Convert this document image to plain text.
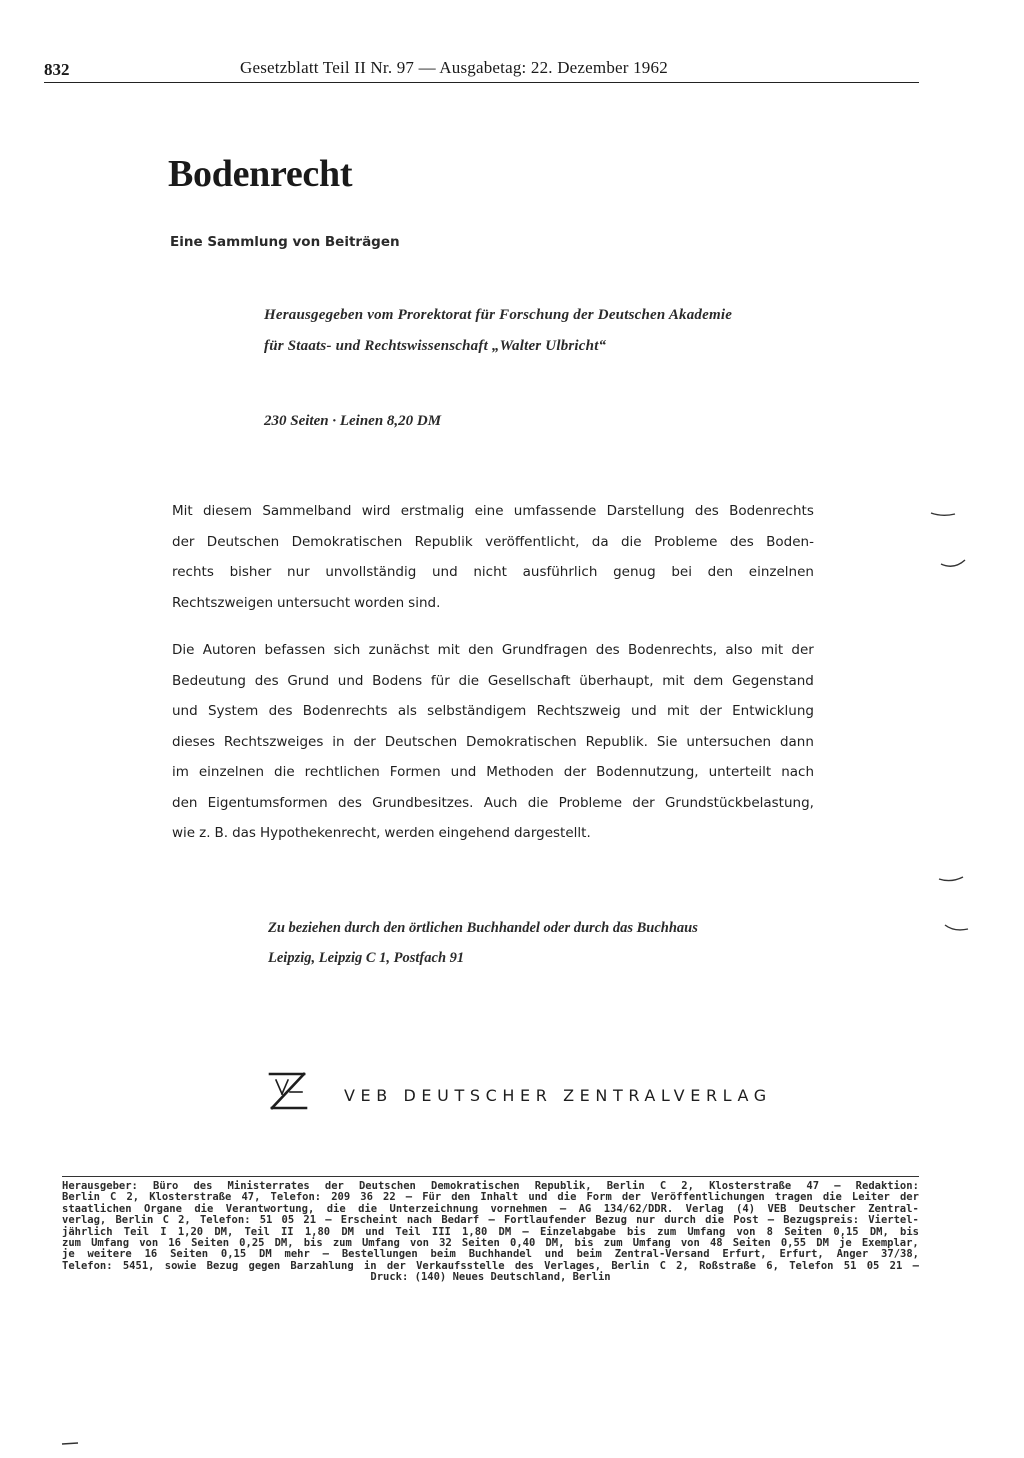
832	Gesetzblatt Teil II Nr. 97 — Ausgabetag: 22. Dezember 1962
Bodenrecht
Eine Sammlung von Beiträgen
Herausgegeben vom Prorektorat für Forschung der Deutschen Akademie
für Staats- und Rechtswissenschaft „Walter Ulbricht“
230 Seiten · Leinen 8,20 DM
Mit diesem Sammelband wird erstmalig eine umfassende Darstellung des Bodenrechts
der Deutschen Demokratischen Republik veröffentlicht, da die Probleme des Boden-
rechts bisher nur unvollständig und nicht ausführlich genug bei den einzelnen
Rechtszweigen untersucht worden sind.
Die Autoren befassen sich zunächst mit den Grundfragen des Bodenrechts, also mit der
Bedeutung des Grund und Bodens für die Gesellschaft überhaupt, mit dem Gegenstand
und System des Bodenrechts als selbständigem Rechtszweig und mit der Entwicklung
dieses Rechtszweiges in der Deutschen Demokratischen Republik. Sie untersuchen dann
im einzelnen die rechtlichen Formen und Methoden der Bodennutzung, unterteilt nach
den Eigentumsformen des Grundbesitzes. Auch die Probleme der Grundstückbelastung,
wie z. B. das Hypothekenrecht, werden eingehend dargestellt.
Zu beziehen durch den örtlichen Buchhandel oder durch das Buchhaus
Leipzig, Leipzig C 1, Postfach 91
VEB DEUTSCHER ZENTRALVERLAG
Herausgeber: Büro des Ministerrates der Deutschen Demokratischen Republik, Berlin C 2, Klosterstraße 47 — Redaktion:
Berlin C 2, Klosterstraße 47, Telefon: 209 36 22 — Für den Inhalt und die Form der Veröffentlichungen tragen die Leiter der
staatlichen Organe die Verantwortung, die die Unterzeichnung vornehmen — AG 134/62/DDR. Verlag (4) VEB Deutscher Zentral-
verlag, Berlin C 2, Telefon: 51 05 21 — Erscheint nach Bedarf — Fortlaufender Bezug nur durch die Post — Bezugspreis: Viertel-
jährlich Teil I 1,20 DM, Teil II 1,80 DM und Teil III 1,80 DM — Einzelabgabe bis zum Umfang von 8 Seiten 0,15 DM, bis
zum Umfang von 16 Seiten 0,25 DM, bis zum Umfang von 32 Seiten 0,40 DM, bis zum Umfang von 48 Seiten 0,55 DM je Exemplar,
je weitere 16 Seiten 0,15 DM mehr — Bestellungen beim Buchhandel und beim Zentral-Versand Erfurt, Erfurt, Anger 37/38,
Telefon: 5451, sowie Bezug gegen Barzahlung in der Verkaufsstelle des Verlages, Berlin C 2, Roßstraße 6, Telefon 51 05 21 —
Druck: (140) Neues Deutschland, Berlin
